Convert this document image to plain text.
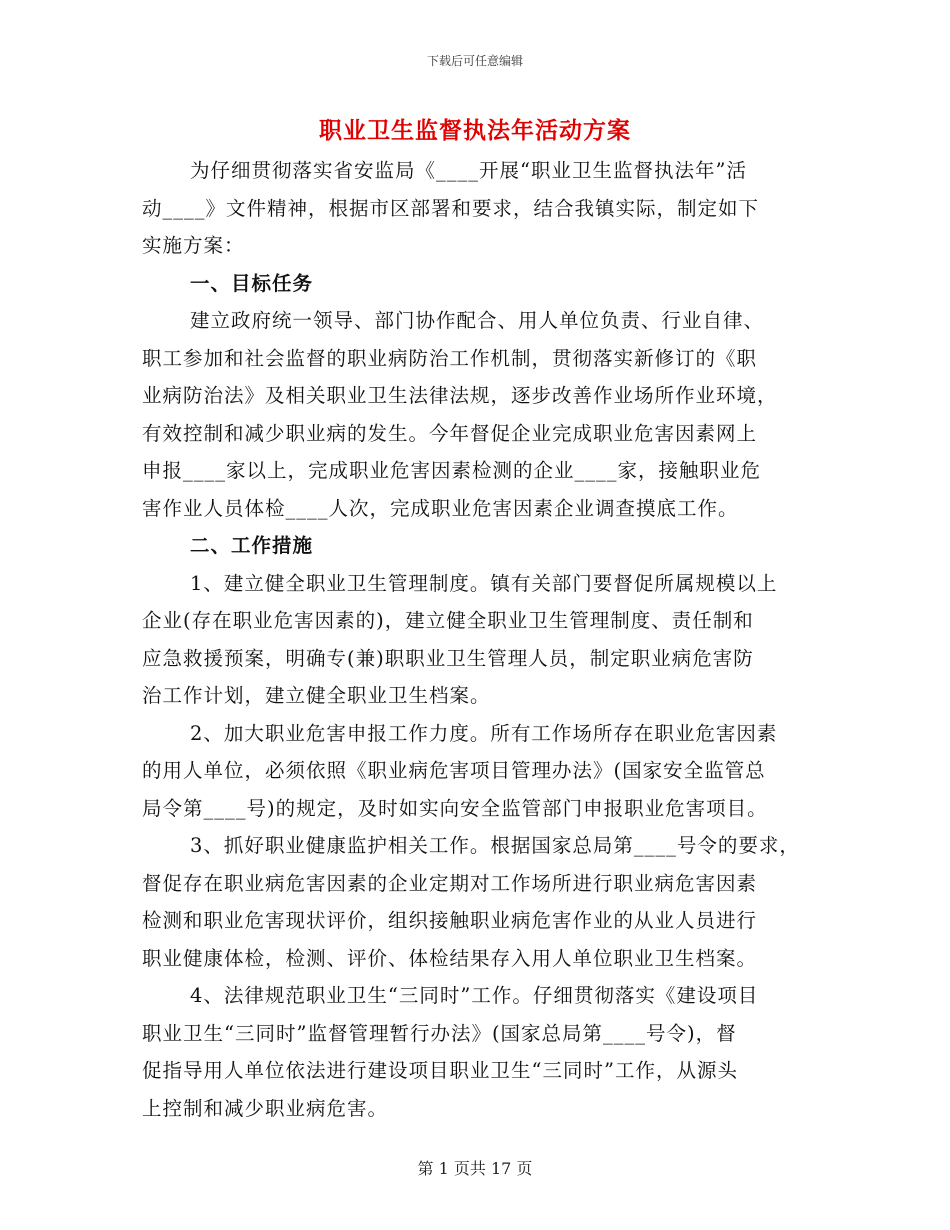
下载后可任意编辑
职业卫生监督执法年活动方案

为仔细贯彻落实省安监局《____开展“职业卫生监督执法年”活

动____》文件精神，根据市区部署和要求，结合我镇实际，制定如下

实施方案：

一、目标任务

建立政府统一领导、部门协作配合、用人单位负责、行业自律、

职工参加和社会监督的职业病防治工作机制，贯彻落实新修订的《职

业病防治法》及相关职业卫生法律法规，逐步改善作业场所作业环境，

有效控制和减少职业病的发生。今年督促企业完成职业危害因素网上

申报____家以上，完成职业危害因素检测的企业____家，接触职业危

害作业人员体检____人次，完成职业危害因素企业调查摸底工作。

二、工作措施

1、建立健全职业卫生管理制度。镇有关部门要督促所属规模以上

企业(存在职业危害因素的)，建立健全职业卫生管理制度、责任制和

应急救援预案，明确专(兼)职职业卫生管理人员，制定职业病危害防

治工作计划，建立健全职业卫生档案。

2、加大职业危害申报工作力度。所有工作场所存在职业危害因素

的用人单位，必须依照《职业病危害项目管理办法》(国家安全监管总

局令第____号)的规定，及时如实向安全监管部门申报职业危害项目。

3、抓好职业健康监护相关工作。根据国家总局第____号令的要求，

督促存在职业病危害因素的企业定期对工作场所进行职业病危害因素

检测和职业危害现状评价，组织接触职业病危害作业的从业人员进行

职业健康体检，检测、评价、体检结果存入用人单位职业卫生档案。

4、法律规范职业卫生“三同时”工作。仔细贯彻落实《建设项目

职业卫生“三同时”监督管理暂行办法》(国家总局第____号令)，督

促指导用人单位依法进行建设项目职业卫生“三同时”工作，从源头

上控制和减少职业病危害。

第 1 页共 17 页
